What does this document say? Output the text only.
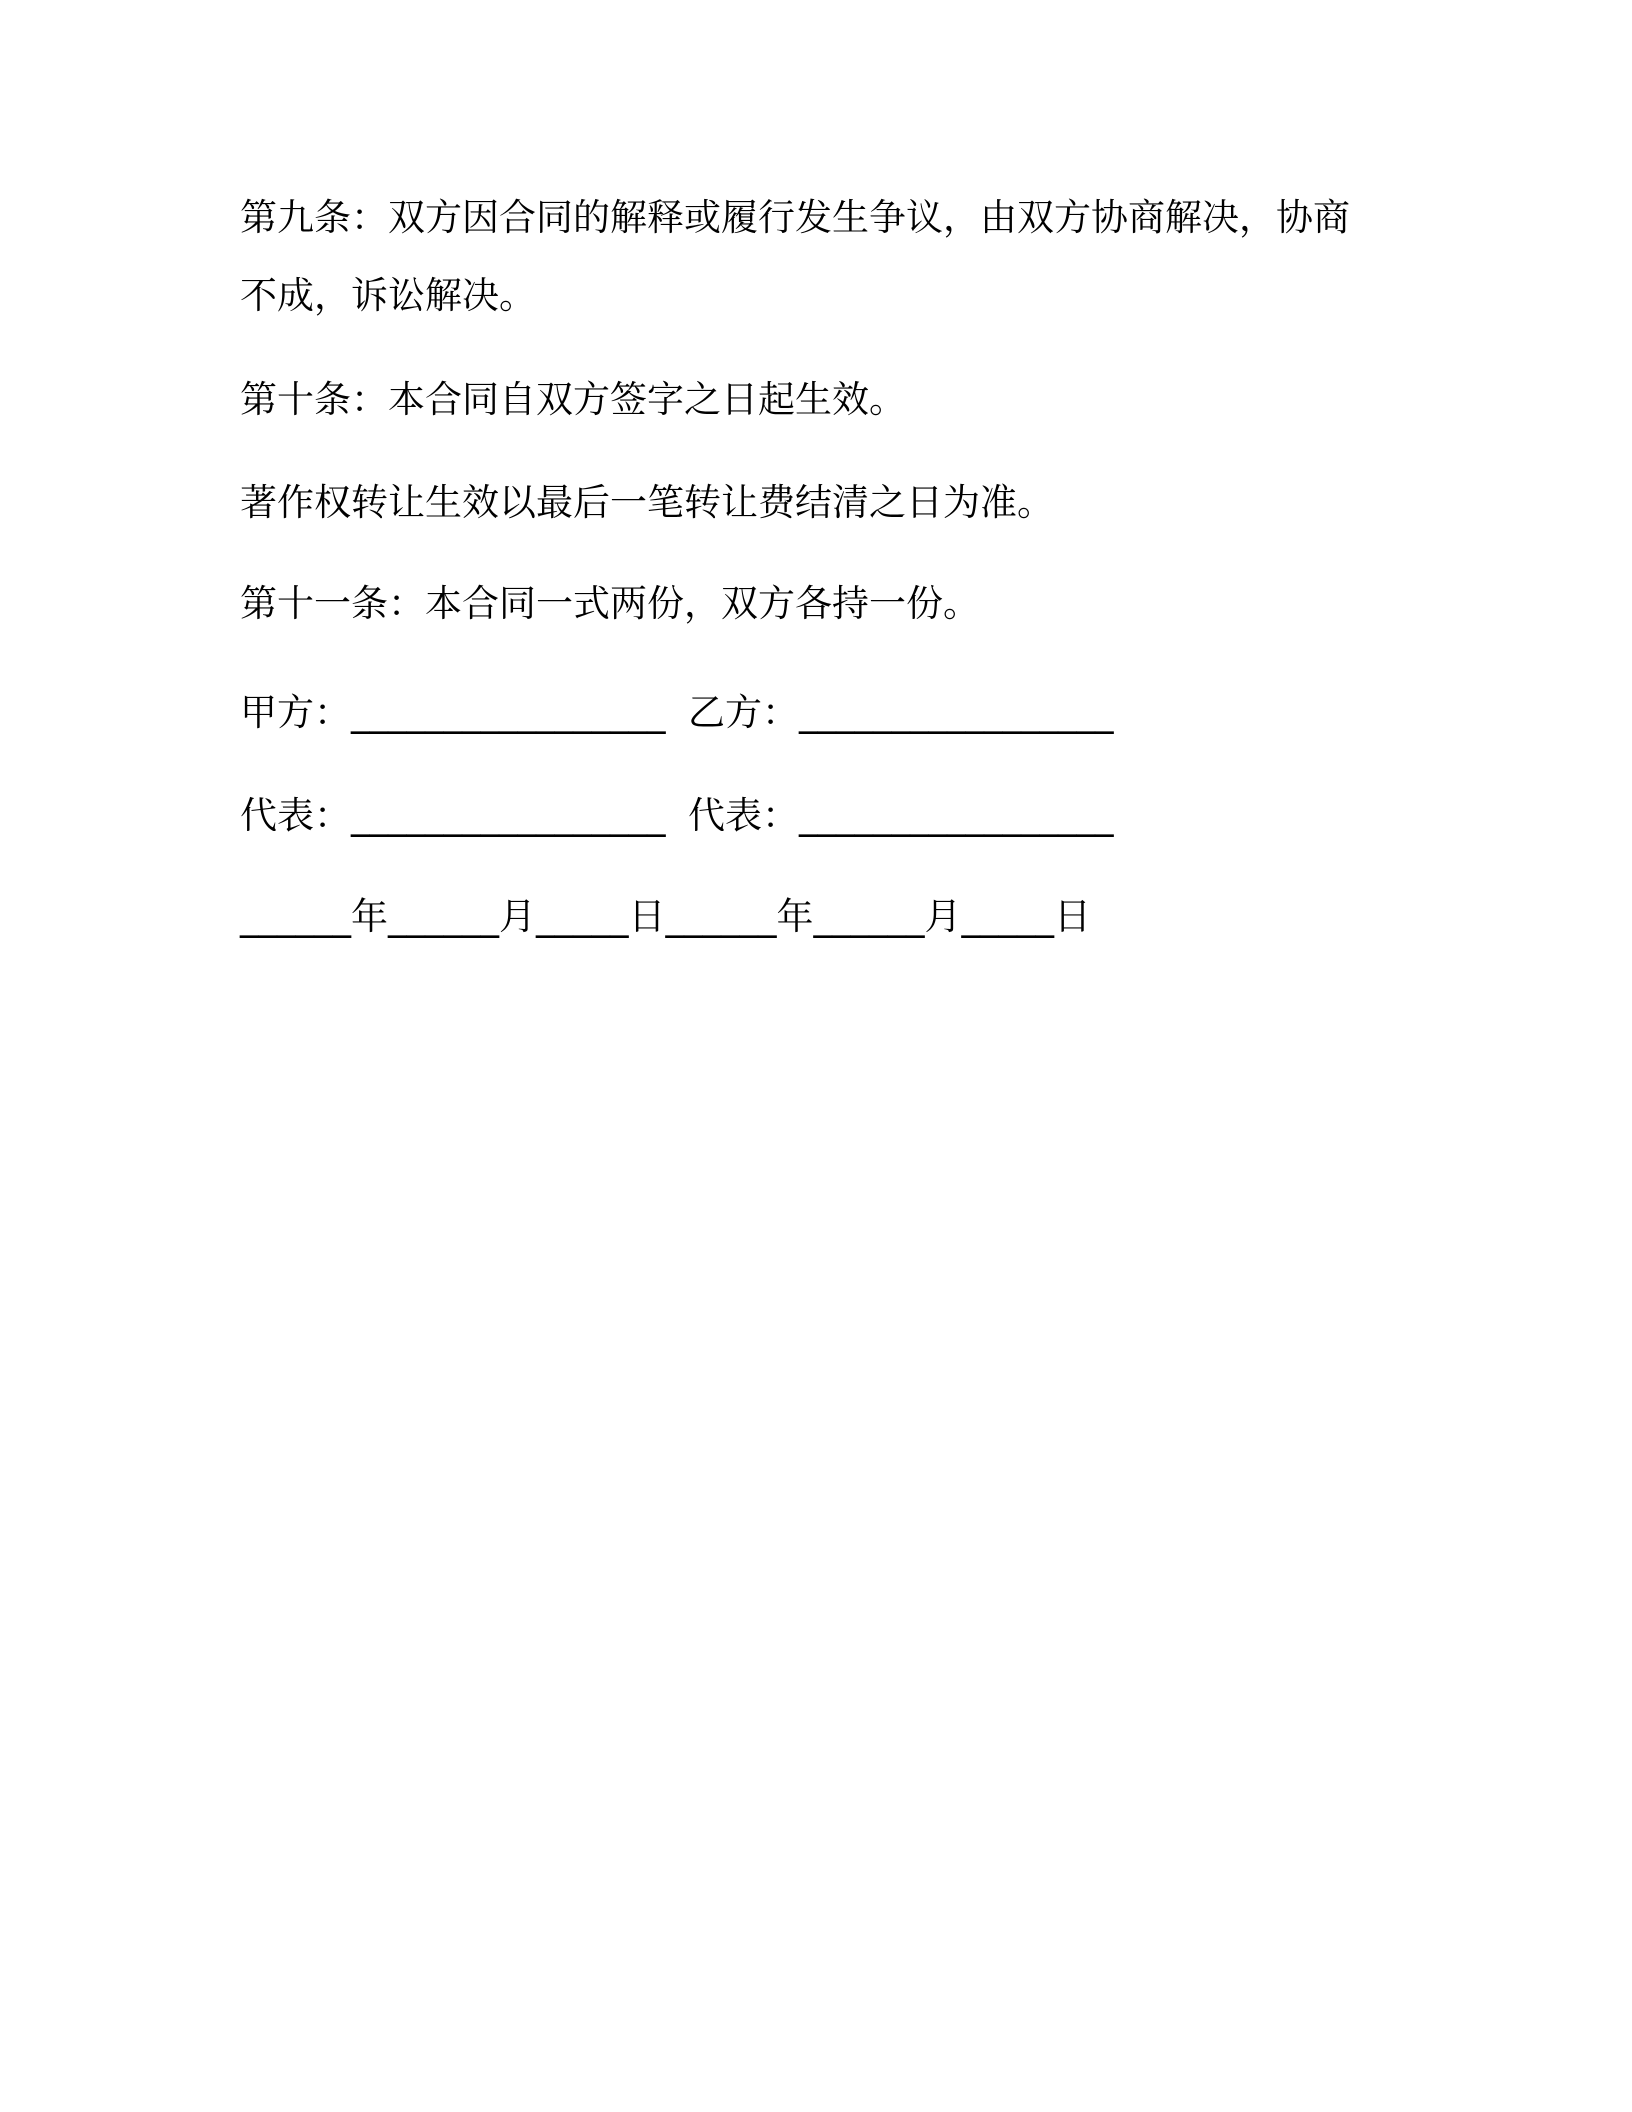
第九条：双方因合同的解释或履行发生争议，由双方协商解决，协商
不成，诉讼解决。
第十条：本合同自双方签字之日起生效。
著作权转让生效以最后一笔转让费结清之日为准。
第十一条：本合同一式两份，双方各持一份。
甲方：_________________ 乙方：_________________
代表：_________________ 代表：_________________
______年______月_____日______年______月_____日
